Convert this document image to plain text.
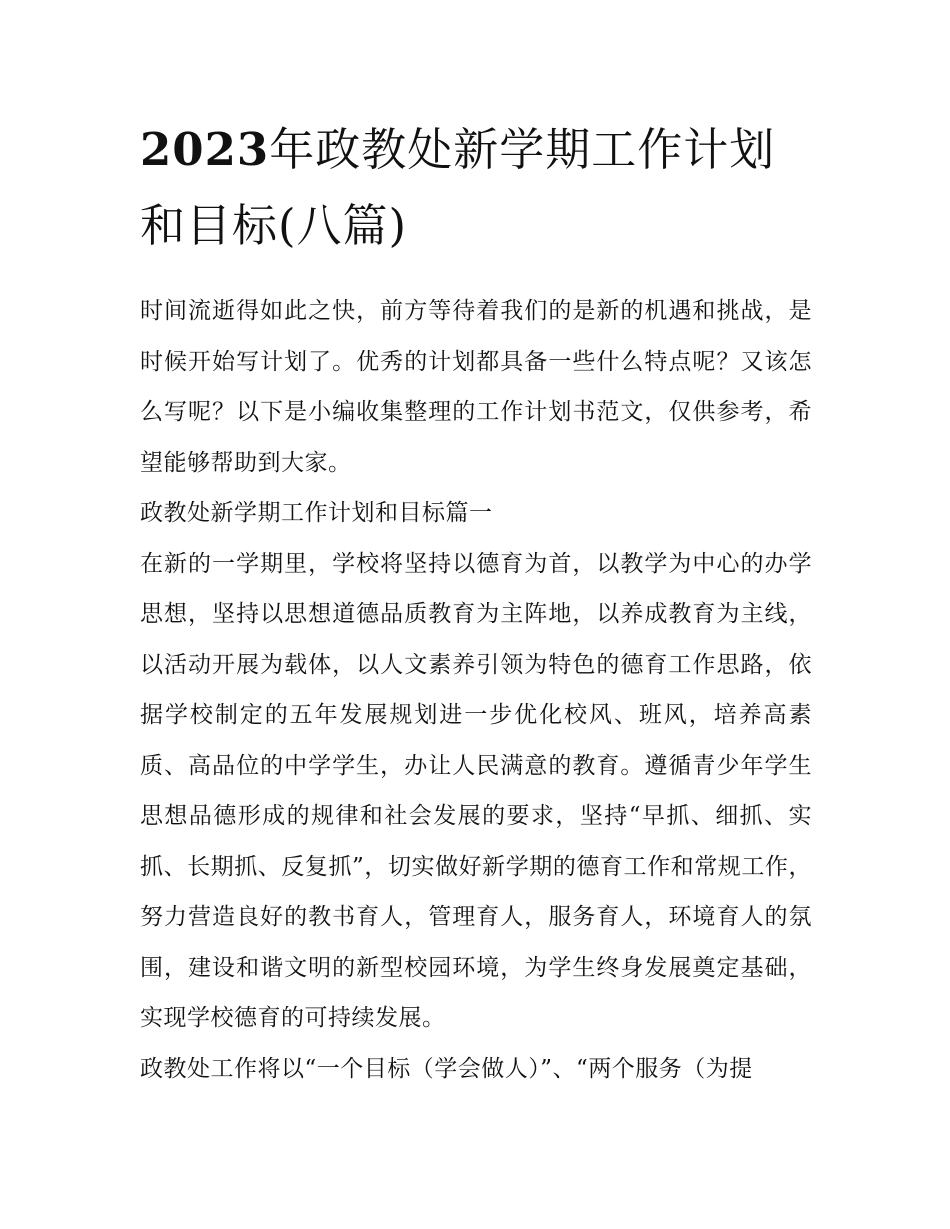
2023年政教处新学期工作计划和目标(八篇)

时间流逝得如此之快，前方等待着我们的是新的机遇和挑战，是时候开始写计划了。优秀的计划都具备一些什么特点呢？又该怎么写呢？以下是小编收集整理的工作计划书范文，仅供参考，希望能够帮助到大家。

政教处新学期工作计划和目标篇一

在新的一学期里，学校将坚持以德育为首，以教学为中心的办学思想，坚持以思想道德品质教育为主阵地，以养成教育为主线，以活动开展为载体，以人文素养引领为特色的德育工作思路，依据学校制定的五年发展规划进一步优化校风、班风，培养高素质、高品位的中学学生，办让人民满意的教育。遵循青少年学生思想品德形成的规律和社会发展的要求，坚持“早抓、细抓、实抓、长期抓、反复抓”，切实做好新学期的德育工作和常规工作，努力营造良好的教书育人，管理育人，服务育人，环境育人的氛围，建设和谐文明的新型校园环境，为学生终身发展奠定基础，实现学校德育的可持续发展。

政教处工作将以“一个目标（学会做人）”、“两个服务（为提
